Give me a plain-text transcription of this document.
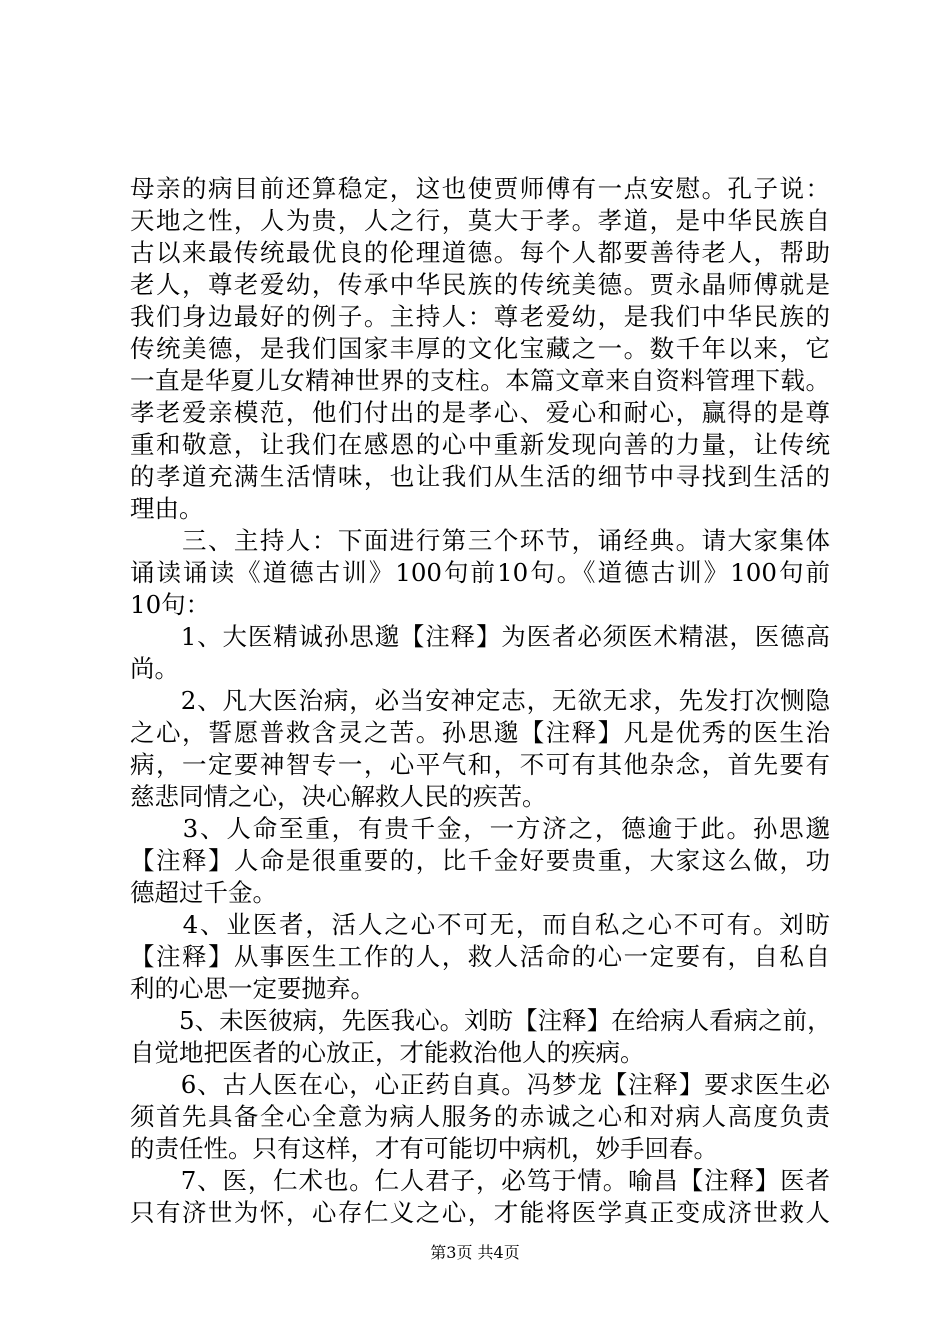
母亲的病目前还算稳定，这也使贾师傅有一点安慰。孔子说：
天地之性，人为贵，人之行，莫大于孝。孝道，是中华民族自
古以来最传统最优良的伦理道德。每个人都要善待老人，帮助
老人，尊老爱幼，传承中华民族的传统美德。贾永晶师傅就是
我们身边最好的例子。主持人：尊老爱幼，是我们中华民族的
传统美德，是我们国家丰厚的文化宝藏之一。数千年以来，它
一直是华夏儿女精神世界的支柱。本篇文章来自资料管理下载。
孝老爱亲模范，他们付出的是孝心、爱心和耐心，赢得的是尊
重和敬意，让我们在感恩的心中重新发现向善的力量，让传统
的孝道充满生活情味，也让我们从生活的细节中寻找到生活的
理由。
　　三、主持人：下面进行第三个环节，诵经典。请大家集体
诵读诵读《道德古训》100句前10句。《道德古训》100句前
10句：
　　1、大医精诚孙思邈【注释】为医者必须医术精湛，医德高
尚。
　　2、凡大医治病，必当安神定志，无欲无求，先发打次恻隐
之心，誓愿普救含灵之苦。孙思邈【注释】凡是优秀的医生治
病，一定要神智专一，心平气和，不可有其他杂念，首先要有
慈悲同情之心，决心解救人民的疾苦。
　　3、人命至重，有贵千金，一方济之，德逾于此。孙思邈
【注释】人命是很重要的，比千金好要贵重，大家这么做，功
德超过千金。
　　4、业医者，活人之心不可无，而自私之心不可有。刘昉
【注释】从事医生工作的人，救人活命的心一定要有，自私自
利的心思一定要抛弃。
　　5、未医彼病，先医我心。刘昉【注释】在给病人看病之前，
自觉地把医者的心放正，才能救治他人的疾病。
　　6、古人医在心，心正药自真。冯梦龙【注释】要求医生必
须首先具备全心全意为病人服务的赤诚之心和对病人高度负责
的责任性。只有这样，才有可能切中病机，妙手回春。
　　7、医，仁术也。仁人君子，必笃于情。喻昌【注释】医者
只有济世为怀，心存仁义之心，才能将医学真正变成济世救人
第3页 共4页
